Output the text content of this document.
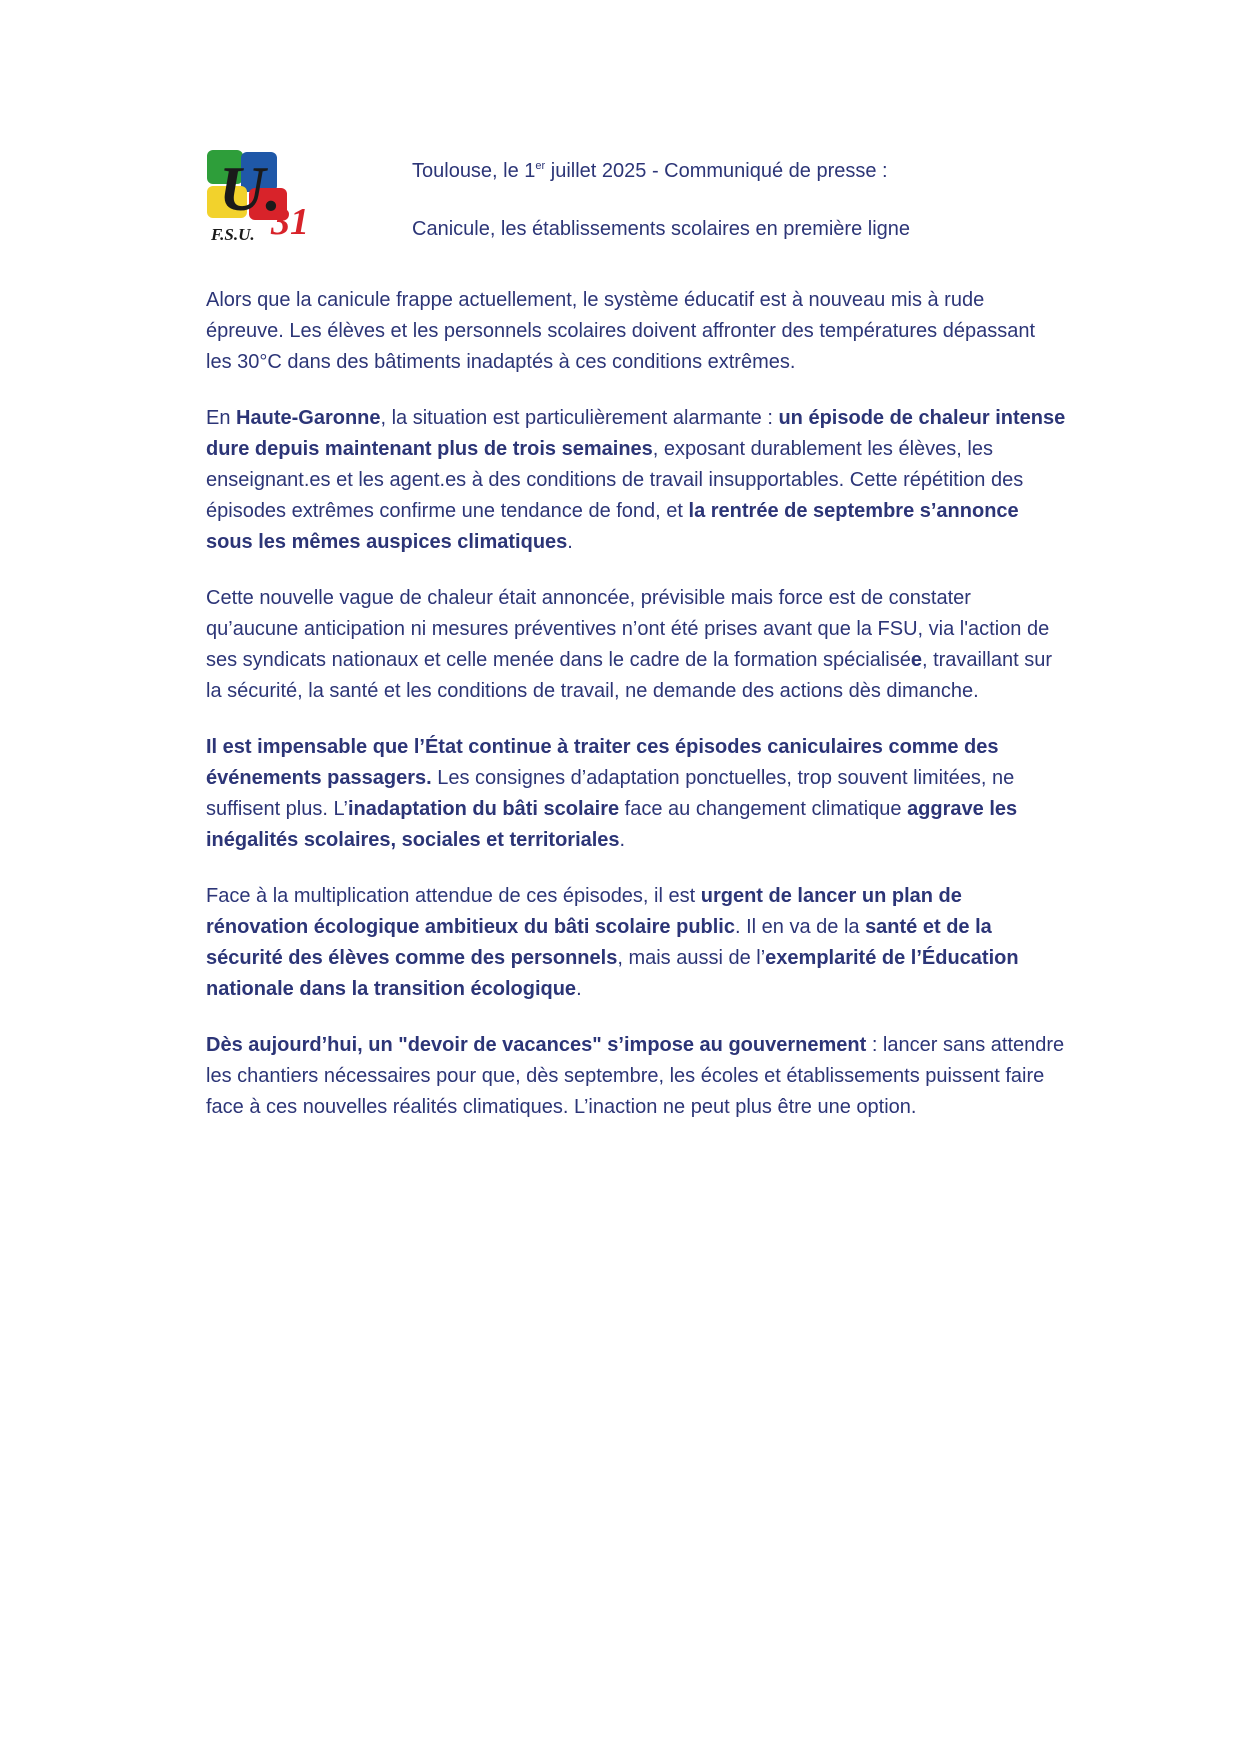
U.
31
F.S.U.
Toulouse, le 1er juillet 2025 - Communiqué de presse :
Canicule, les établissements scolaires en première ligne

Alors que la canicule frappe actuellement, le système éducatif est à nouveau mis à rude épreuve. Les élèves et les personnels scolaires doivent affronter des températures dépassant les 30°C dans des bâtiments inadaptés à ces conditions extrêmes.

En Haute-Garonne, la situation est particulièrement alarmante : un épisode de chaleur intense dure depuis maintenant plus de trois semaines, exposant durablement les élèves, les enseignant.es et les agent.es à des conditions de travail insupportables. Cette répétition des épisodes extrêmes confirme une tendance de fond, et la rentrée de septembre s’annonce sous les mêmes auspices climatiques.

Cette nouvelle vague de chaleur était annoncée, prévisible mais force est de constater qu’aucune anticipation ni mesures préventives n’ont été prises avant que la FSU, via l'action de ses syndicats nationaux et celle menée dans le cadre de la formation spécialisée, travaillant sur la sécurité, la santé et les conditions de travail, ne demande des actions dès dimanche.

Il est impensable que l’État continue à traiter ces épisodes caniculaires comme des événements passagers. Les consignes d’adaptation ponctuelles, trop souvent limitées, ne suffisent plus. L’inadaptation du bâti scolaire face au changement climatique aggrave les inégalités scolaires, sociales et territoriales.

Face à la multiplication attendue de ces épisodes, il est urgent de lancer un plan de rénovation écologique ambitieux du bâti scolaire public. Il en va de la santé et de la sécurité des élèves comme des personnels, mais aussi de l’exemplarité de l’Éducation nationale dans la transition écologique.

Dès aujourd’hui, un "devoir de vacances" s’impose au gouvernement : lancer sans attendre les chantiers nécessaires pour que, dès septembre, les écoles et établissements puissent faire face à ces nouvelles réalités climatiques. L’inaction ne peut plus être une option.
